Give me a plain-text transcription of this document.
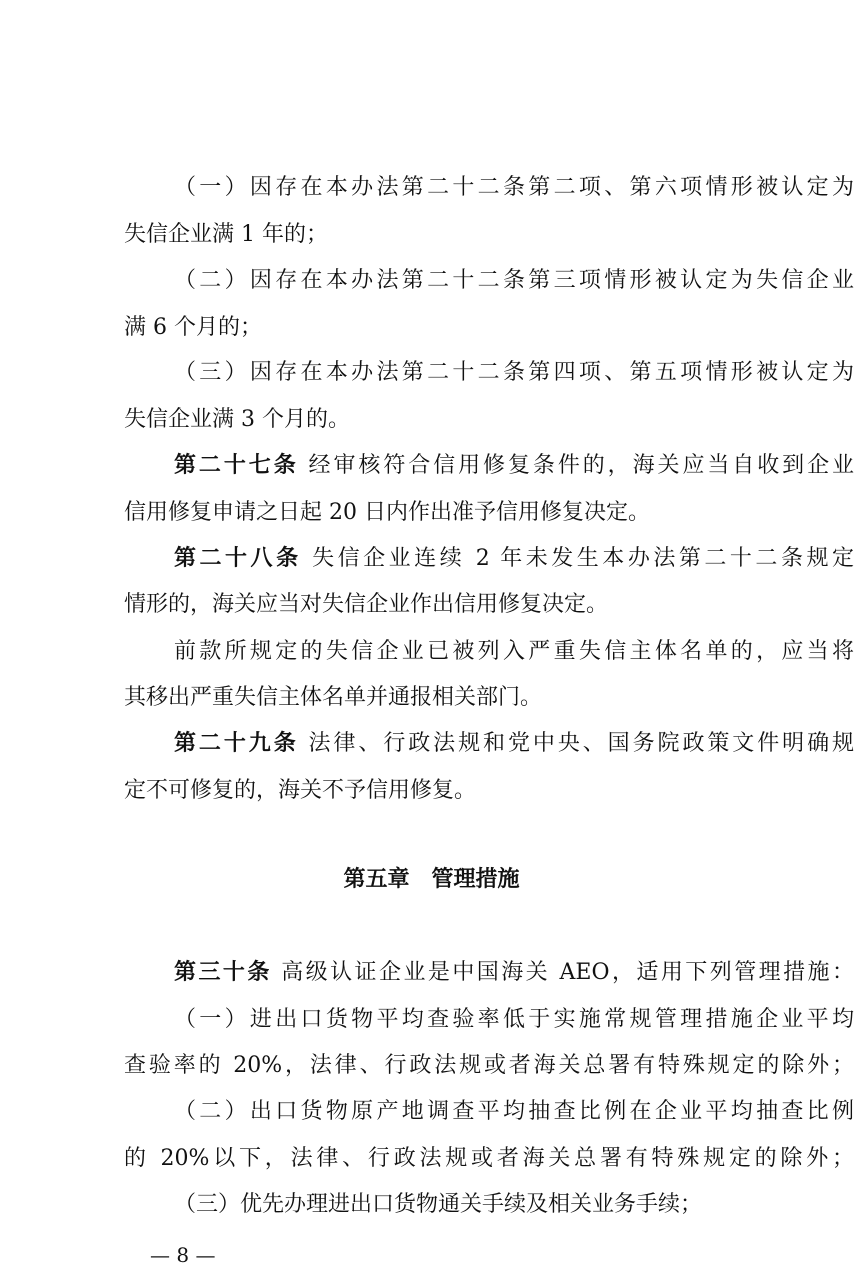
（一）因存在本办法第二十二条第二项、第六项情形被认定为
失信企业满 1 年的；
（二）因存在本办法第二十二条第三项情形被认定为失信企业
满 6 个月的；
（三）因存在本办法第二十二条第四项、第五项情形被认定为
失信企业满 3 个月的。
第二十七条 经审核符合信用修复条件的，海关应当自收到企业
信用修复申请之日起 20 日内作出准予信用修复决定。
第二十八条 失信企业连续 2 年未发生本办法第二十二条规定
情形的，海关应当对失信企业作出信用修复决定。
前款所规定的失信企业已被列入严重失信主体名单的，应当将
其移出严重失信主体名单并通报相关部门。
第二十九条 法律、行政法规和党中央、国务院政策文件明确规
定不可修复的，海关不予信用修复。
第五章　管理措施
第三十条 高级认证企业是中国海关 AEO，适用下列管理措施：
（一）进出口货物平均查验率低于实施常规管理措施企业平均
查验率的 20%，法律、行政法规或者海关总署有特殊规定的除外；
（二）出口货物原产地调查平均抽查比例在企业平均抽查比例
的 20%以下，法律、行政法规或者海关总署有特殊规定的除外；
（三）优先办理进出口货物通关手续及相关业务手续；
— 8 —
